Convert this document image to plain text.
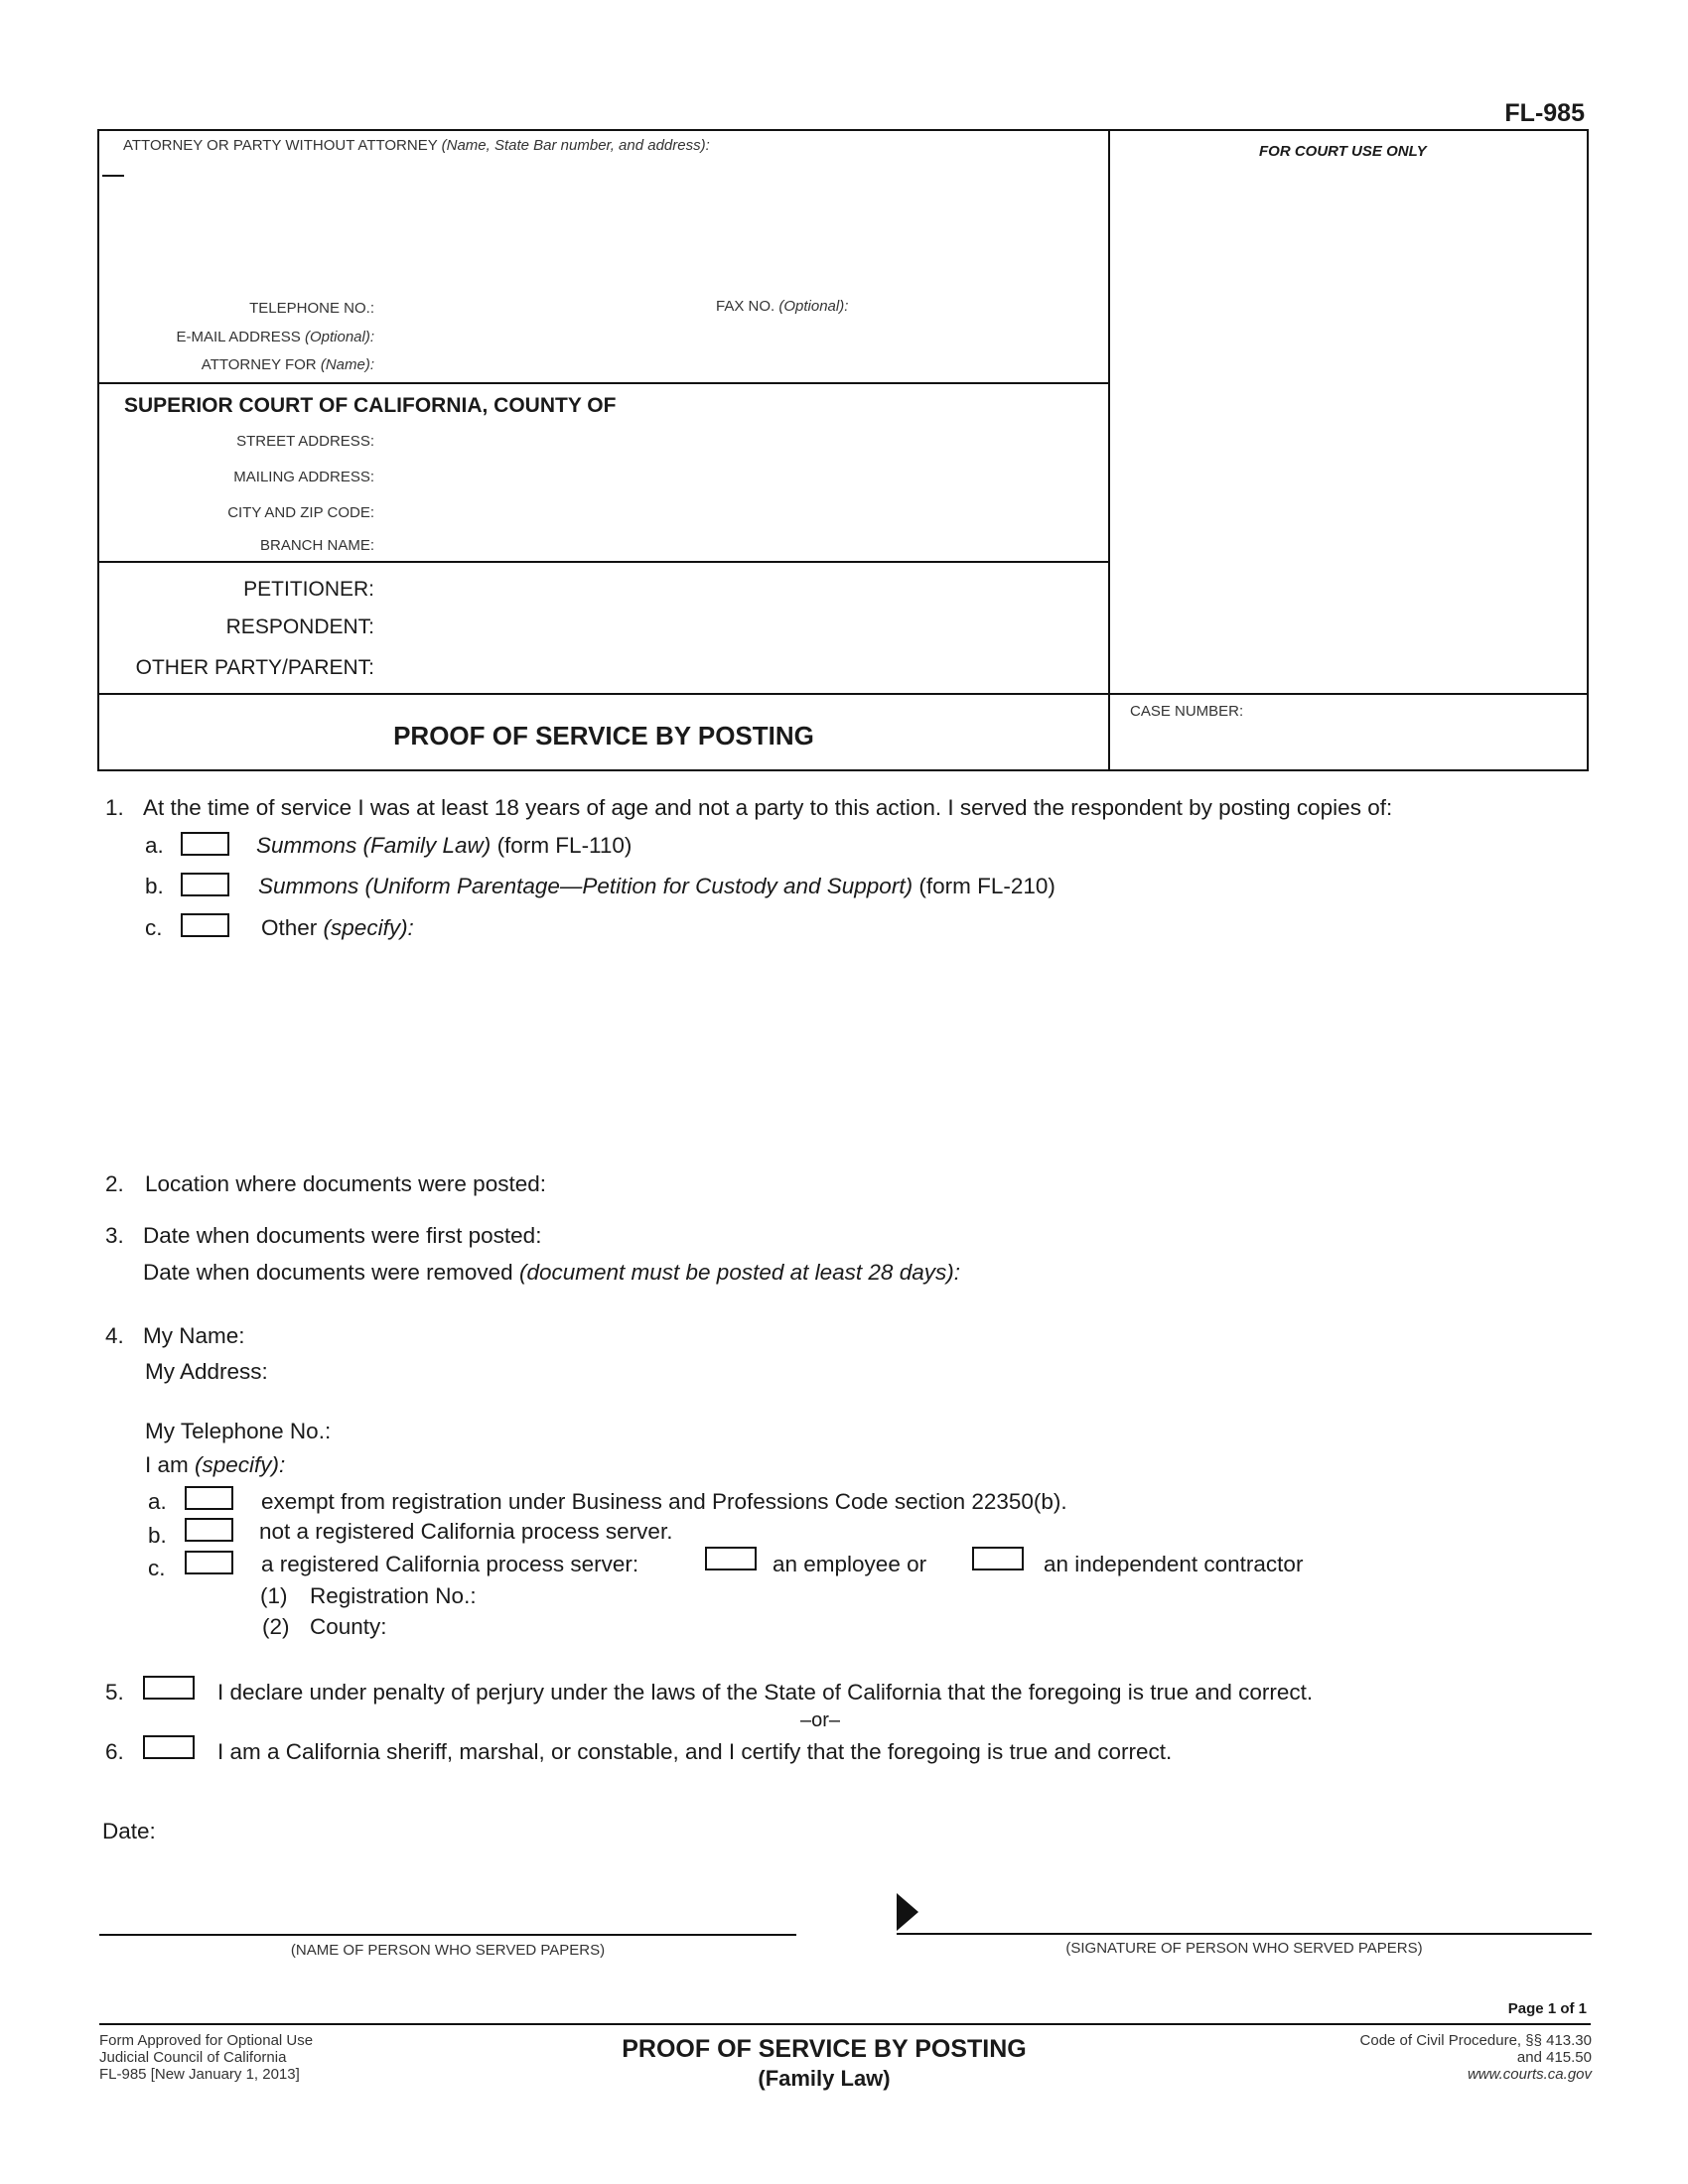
FL-985
ATTORNEY OR PARTY WITHOUT ATTORNEY (Name, State Bar number, and address):	FOR COURT USE ONLY
TELEPHONE NO.:	FAX NO. (Optional):
E-MAIL ADDRESS (Optional):
ATTORNEY FOR (Name):
SUPERIOR COURT OF CALIFORNIA, COUNTY OF
STREET ADDRESS:
MAILING ADDRESS:
CITY AND ZIP CODE:
BRANCH NAME:
PETITIONER:
RESPONDENT:
OTHER PARTY/PARENT:
PROOF OF SERVICE BY POSTING
CASE NUMBER:
1. At the time of service I was at least 18 years of age and not a party to this action. I served the respondent by posting copies of:
a.	Summons (Family Law) (form FL-110)
b.	Summons (Uniform Parentage—Petition for Custody and Support) (form FL-210)
c.	Other (specify):
2. Location where documents were posted:
3. Date when documents were first posted:
Date when documents were removed (document must be posted at least 28 days):
4. My Name:
My Address:
My Telephone No.:
I am (specify):
a.	exempt from registration under Business and Professions Code section 22350(b).
b.	not a registered California process server.
c.	a registered California process server:	an employee or	an independent contractor
(1) Registration No.:
(2) County:
5.	I declare under penalty of perjury under the laws of the State of California that the foregoing is true and correct.
–or–
6.	I am a California sheriff, marshal, or constable, and I certify that the foregoing is true and correct.
Date:
(NAME OF PERSON WHO SERVED PAPERS)	(SIGNATURE OF PERSON WHO SERVED PAPERS)
Page 1 of 1
Form Approved for Optional Use
Judicial Council of California
FL-985 [New January 1, 2013]
PROOF OF SERVICE BY POSTING
(Family Law)
Code of Civil Procedure, §§ 413.30
and 415.50
www.courts.ca.gov
